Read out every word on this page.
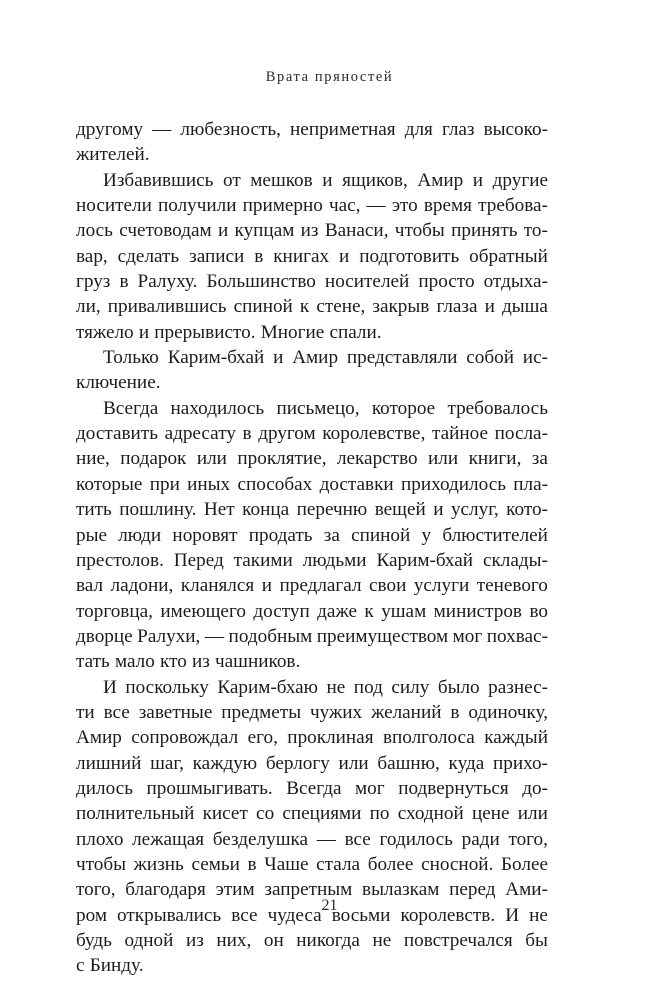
Врата пряностей
другому — любезность, неприметная для глаз высоко-
жителей.
Избавившись от мешков и ящиков, Амир и другие
носители получили примерно час, — это время требова-
лось счетоводам и купцам из Ванаси, чтобы принять то-
вар, сделать записи в книгах и подготовить обратный
груз в Ралуху. Большинство носителей просто отдыха-
ли, привалившись спиной к стене, закрыв глаза и дыша
тяжело и прерывисто. Многие спали.
Только Карим-бхай и Амир представляли собой ис-
ключение.
Всегда находилось письмецо, которое требовалось
доставить адресату в другом королевстве, тайное посла-
ние, подарок или проклятие, лекарство или книги, за
которые при иных способах доставки приходилось пла-
тить пошлину. Нет конца перечню вещей и услуг, кото-
рые люди норовят продать за спиной у блюстителей
престолов. Перед такими людьми Карим-бхай склады-
вал ладони, кланялся и предлагал свои услуги теневого
торговца, имеющего доступ даже к ушам министров во
дворце Ралухи, — подобным преимуществом мог похвас-
тать мало кто из чашников.
И поскольку Карим-бхаю не под силу было разнес-
ти все заветные предметы чужих желаний в одиночку,
Амир сопровождал его, проклиная вполголоса каждый
лишний шаг, каждую берлогу или башню, куда прихо-
дилось прошмыгивать. Всегда мог подвернуться до-
полнительный кисет со специями по сходной цене или
плохо лежащая безделушка — все годилось ради того,
чтобы жизнь семьи в Чаше стала более сносной. Более
того, благодаря этим запретным вылазкам перед Ами-
ром открывались все чудеса восьми королевств. И не
будь одной из них, он никогда не повстречался бы
с Бинду.
21
